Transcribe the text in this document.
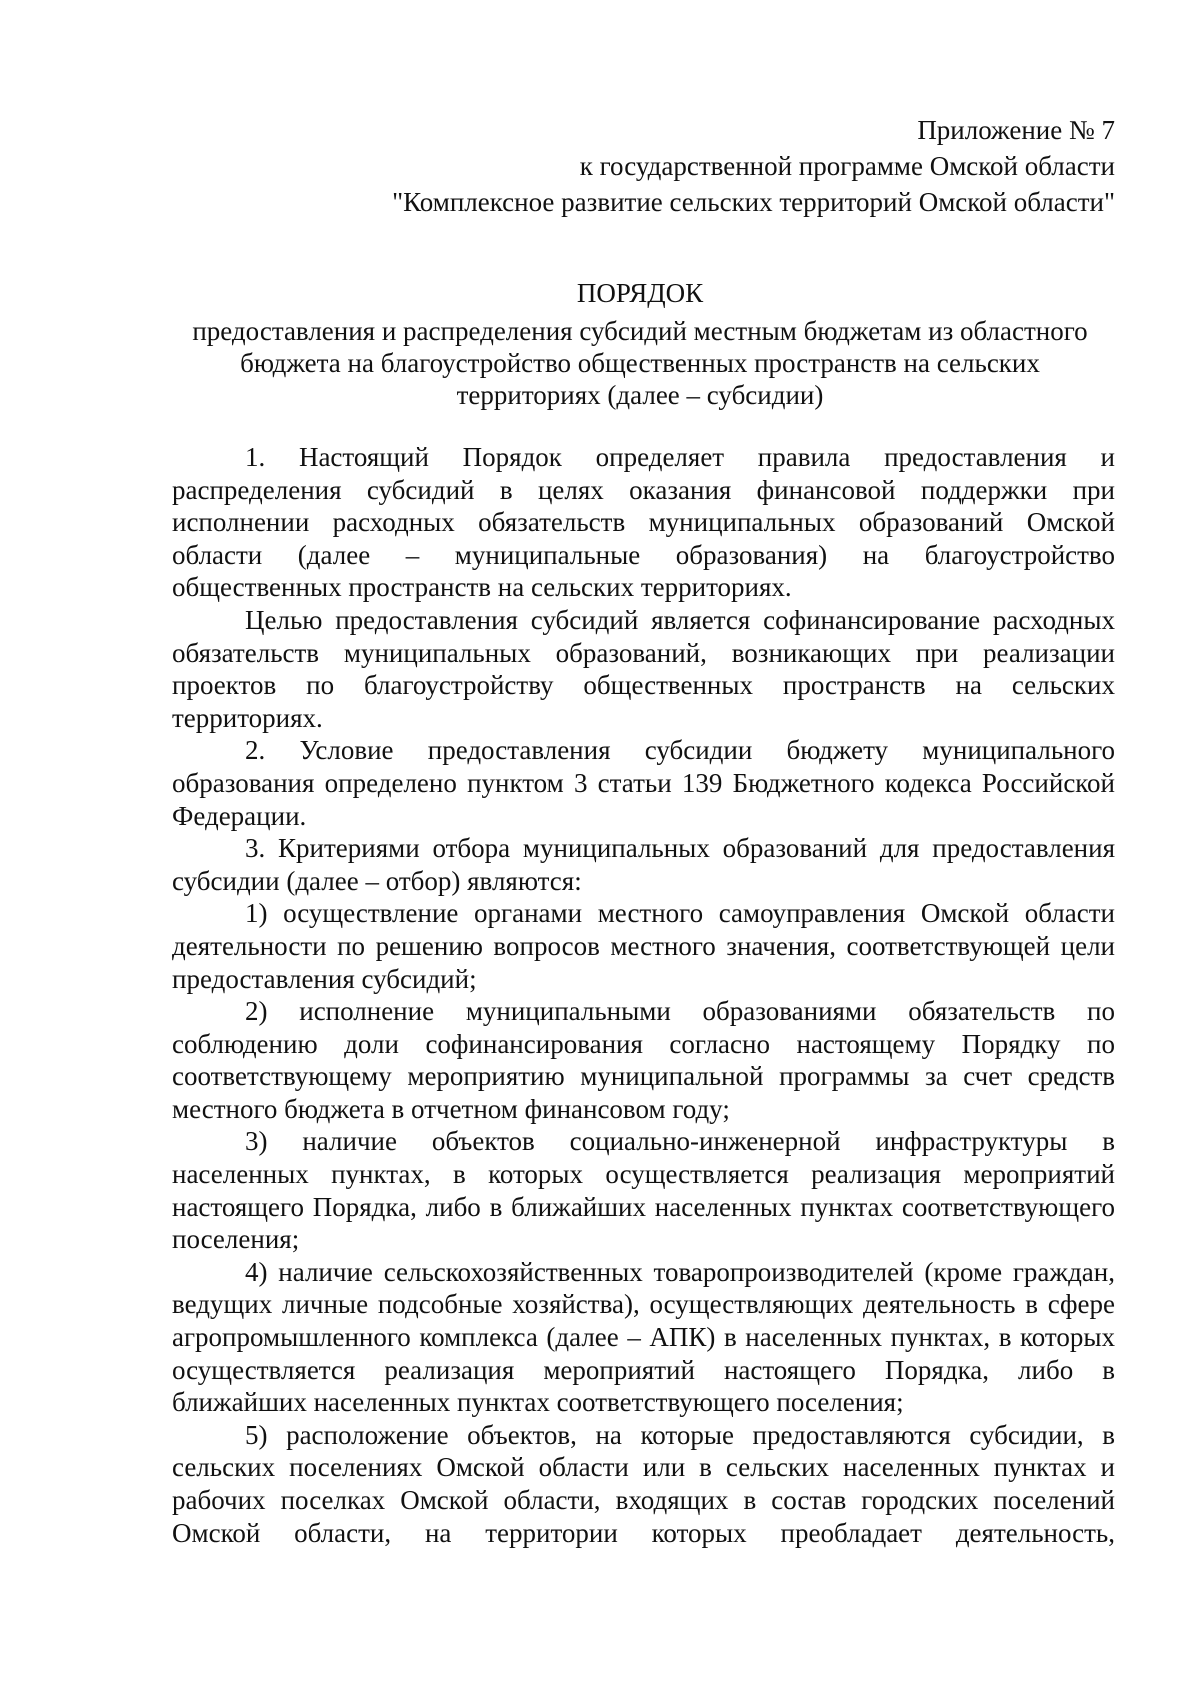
Приложение № 7
к государственной программе Омской области
"Комплексное развитие сельских территорий Омской области"
ПОРЯДОК
предоставления и распределения субсидий местным бюджетам из областного
бюджета на благоустройство общественных пространств на сельских
территориях (далее – субсидии)

1. Настоящий Порядок определяет правила предоставления и распределения субсидий в целях оказания финансовой поддержки при исполнении расходных обязательств муниципальных образований Омской области (далее – муниципальные образования) на благоустройство общественных пространств на сельских территориях.

Целью предоставления субсидий является софинансирование расходных обязательств муниципальных образований, возникающих при реализации проектов по благоустройству общественных пространств на сельских территориях.

2. Условие предоставления субсидии бюджету муниципального образования определено пунктом 3 статьи 139 Бюджетного кодекса Российской Федерации.

3. Критериями отбора муниципальных образований для предоставления субсидии (далее – отбор) являются:

1) осуществление органами местного самоуправления Омской области деятельности по решению вопросов местного значения, соответствующей цели предоставления субсидий;

2) исполнение муниципальными образованиями обязательств по соблюдению доли софинансирования согласно настоящему Порядку по соответствующему мероприятию муниципальной программы за счет средств местного бюджета в отчетном финансовом году;

3) наличие объектов социально-инженерной инфраструктуры в населенных пунктах, в которых осуществляется реализация мероприятий настоящего Порядка, либо в ближайших населенных пунктах соответствующего поселения;

4) наличие сельскохозяйственных товаропроизводителей (кроме граждан, ведущих личные подсобные хозяйства), осуществляющих деятельность в сфере агропромышленного комплекса (далее – АПК) в населенных пунктах, в которых осуществляется реализация мероприятий настоящего Порядка, либо в ближайших населенных пунктах соответствующего поселения;

5) расположение объектов, на которые предоставляются субсидии, в сельских поселениях Омской области или в сельских населенных пунктах и рабочих поселках Омской области, входящих в состав городских поселений Омской области, на территории которых преобладает деятельность,
